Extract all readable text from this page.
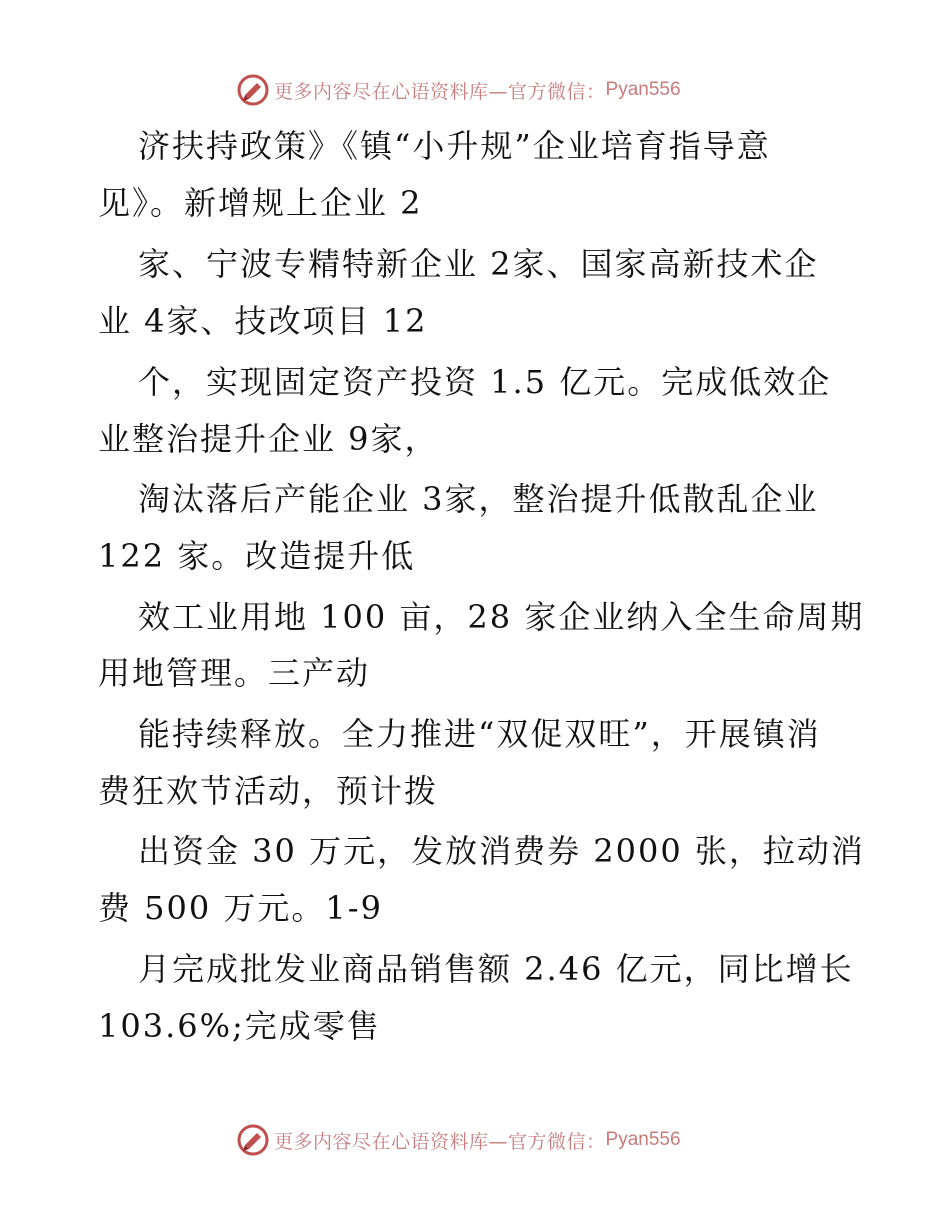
更多内容尽在心语资料库—官方微信： Pyan556
济扶持政策》《镇“小升规”企业培育指导意
见》。新增规上企业 2
家、宁波专精特新企业 2家、国家高新技术企
业 4家、技改项目 12
个，实现固定资产投资 1.5 亿元。完成低效企
业整治提升企业 9家，
淘汰落后产能企业 3家，整治提升低散乱企业
122 家。改造提升低
效工业用地 100 亩，28 家企业纳入全生命周期
用地管理。三产动
能持续释放。全力推进“双促双旺”，开展镇消
费狂欢节活动，预计拨
出资金 30 万元，发放消费券 2000 张，拉动消
费 500 万元。1-9
月完成批发业商品销售额 2.46 亿元，同比增长
103.6%;完成零售
更多内容尽在心语资料库—官方微信： Pyan556
